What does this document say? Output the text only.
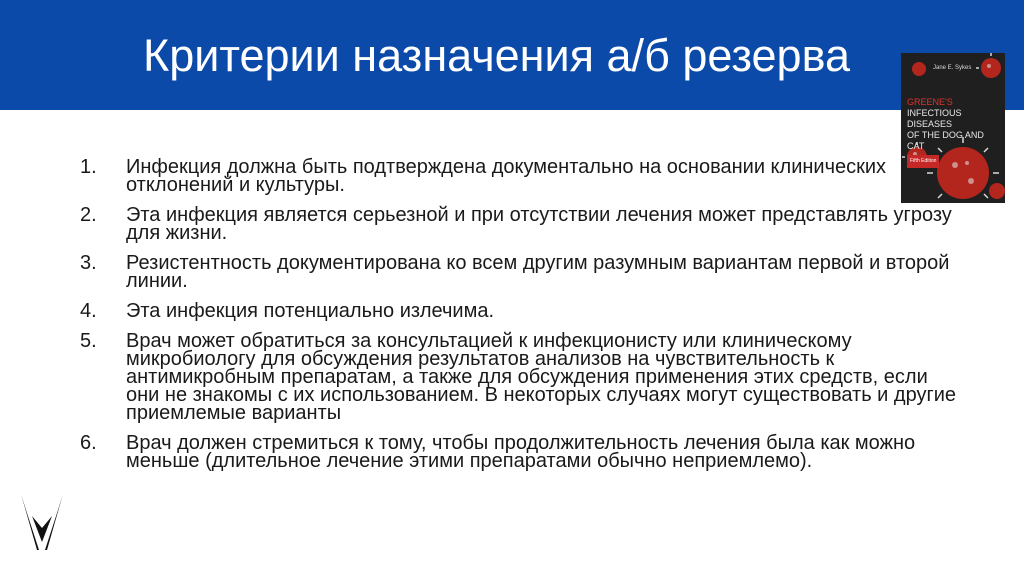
Критерии назначения а/б резерва	Jane E. Sykes
GREENE'S
INFECTIOUS DISEASES
OF THE DOG AND CAT
Fifth Edition
1.	Инфекция должна быть подтверждена документально на основании клинических отклонений и культуры.
2.	Эта инфекция является серьезной и при отсутствии лечения может представлять угрозу для жизни.
3.	Резистентность документирована ко всем другим разумным вариантам первой и второй линии.
4.	Эта инфекция потенциально излечима.
5.	Врач может обратиться за консультацией к инфекционисту или клиническому микробиологу для обсуждения результатов анализов на чувствительность к антимикробным препаратам, а также для обсуждения применения этих средств, если они не знакомы с их использованием. В некоторых случаях могут существовать и другие приемлемые варианты
6.	Врач должен стремиться к тому, чтобы продолжительность лечения была как можно меньше (длительное лечение этими препаратами обычно неприемлемо).
